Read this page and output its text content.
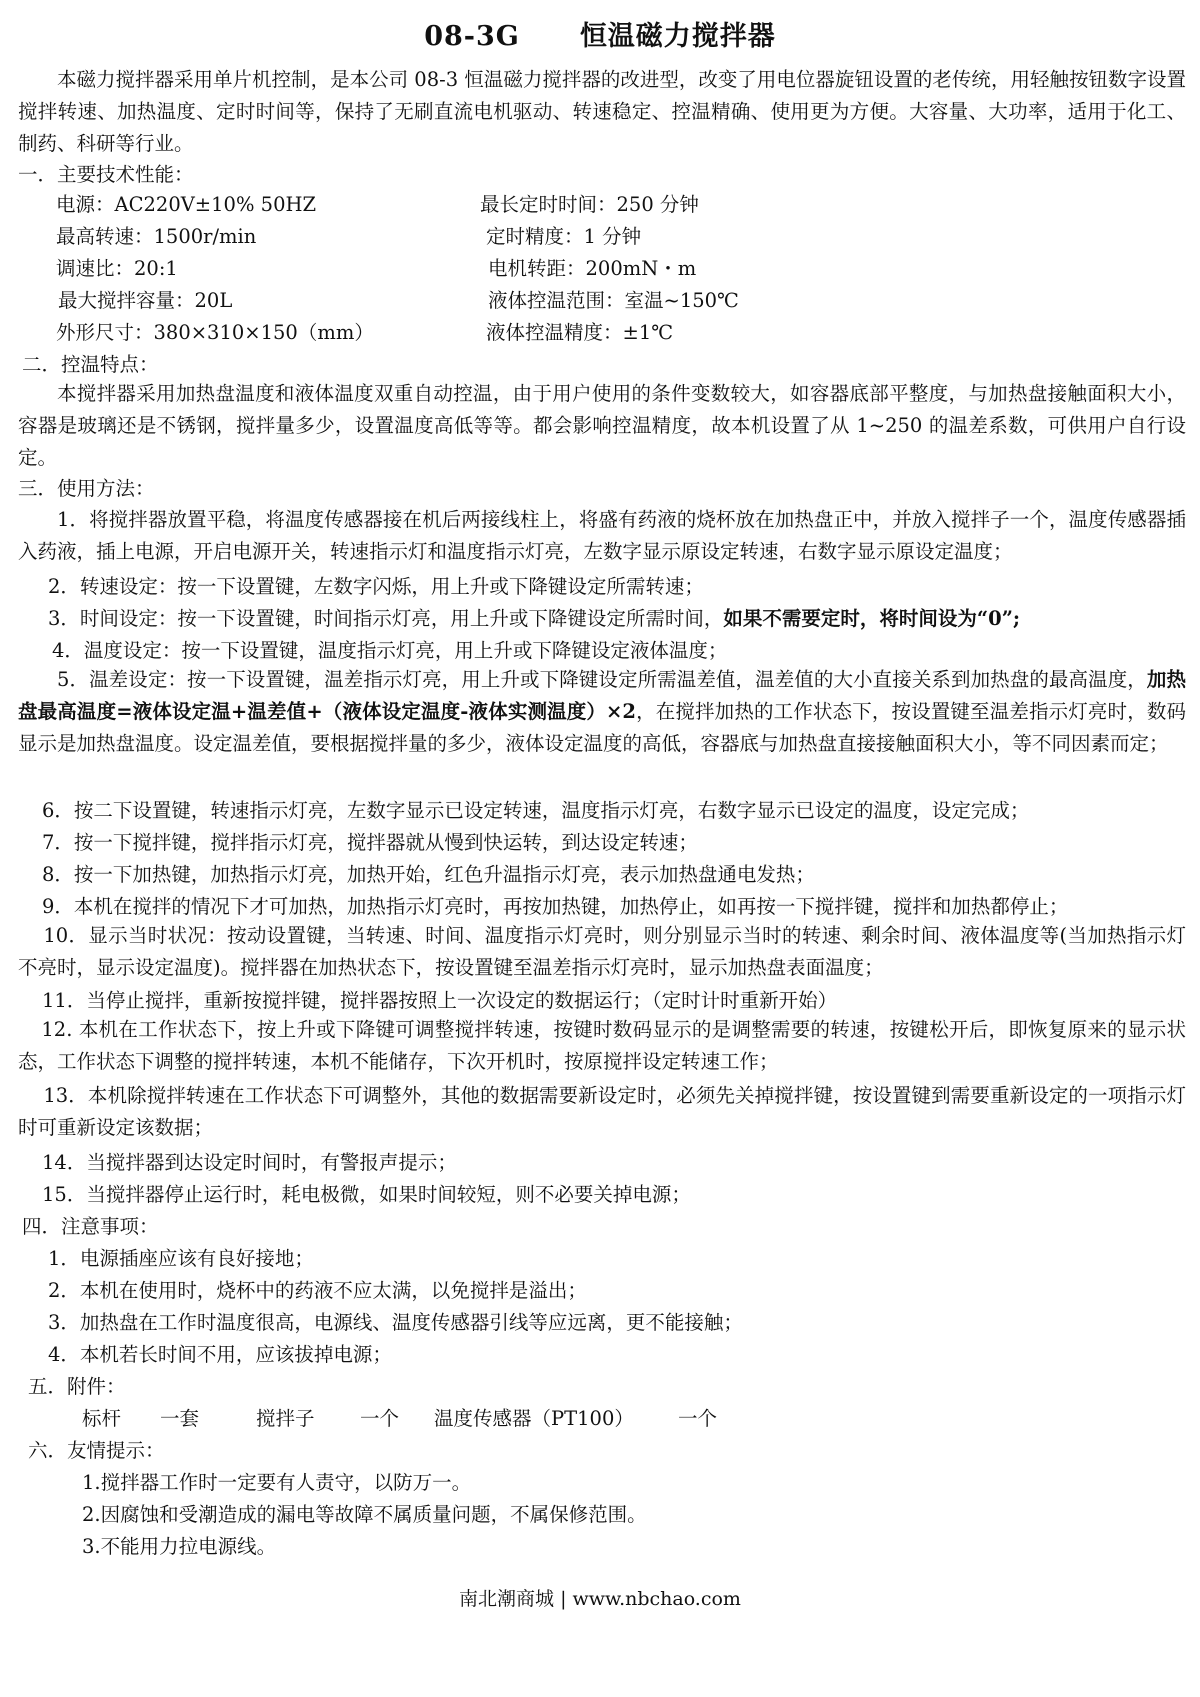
08-3G 恒温磁力搅拌器
本磁力搅拌器采用单片机控制，是本公司 08-3 恒温磁力搅拌器的改进型，改变了用电位器旋钮设置的老传统，用轻触按钮数字设置搅拌转速、加热温度、定时时间等，保持了无刷直流电机驱动、转速稳定、控温精确、使用更为方便。大容量、大功率，适用于化工、制药、科研等行业。
一．主要技术性能：
电源：AC220V±10% 50HZ	最长定时时间：250 分钟
最高转速：1500r/min	定时精度：1 分钟
调速比：20:1	电机转距：200mN・m
最大搅拌容量：20L	液体控温范围：室温~150℃
外形尺寸：380×310×150（mm）	液体控温精度：±1℃
二．控温特点：
本搅拌器采用加热盘温度和液体温度双重自动控温，由于用户使用的条件变数较大，如容器底部平整度，与加热盘接触面积大小，容器是玻璃还是不锈钢，搅拌量多少，设置温度高低等等。都会影响控温精度，故本机设置了从 1~250 的温差系数，可供用户自行设定。
三．使用方法：
1．将搅拌器放置平稳，将温度传感器接在机后两接线柱上，将盛有药液的烧杯放在加热盘正中，并放入搅拌子一个，温度传感器插入药液，插上电源，开启电源开关，转速指示灯和温度指示灯亮，左数字显示原设定转速，右数字显示原设定温度；
2．转速设定：按一下设置键，左数字闪烁，用上升或下降键设定所需转速；
3．时间设定：按一下设置键，时间指示灯亮，用上升或下降键设定所需时间，如果不需要定时，将时间设为“0”;
4．温度设定：按一下设置键，温度指示灯亮，用上升或下降键设定液体温度；
5．温差设定：按一下设置键，温差指示灯亮，用上升或下降键设定所需温差值，温差值的大小直接关系到加热盘的最高温度，加热盘最高温度=液体设定温+温差值+（液体设定温度-液体实测温度）×2，在搅拌加热的工作状态下，按设置键至温差指示灯亮时，数码显示是加热盘温度。设定温差值，要根据搅拌量的多少，液体设定温度的高低，容器底与加热盘直接接触面积大小，等不同因素而定；
6．按二下设置键，转速指示灯亮，左数字显示已设定转速，温度指示灯亮，右数字显示已设定的温度，设定完成；
7．按一下搅拌键，搅拌指示灯亮，搅拌器就从慢到快运转，到达设定转速；
8．按一下加热键，加热指示灯亮，加热开始，红色升温指示灯亮，表示加热盘通电发热；
9．本机在搅拌的情况下才可加热，加热指示灯亮时，再按加热键，加热停止，如再按一下搅拌键，搅拌和加热都停止；
10．显示当时状况：按动设置键，当转速、时间、温度指示灯亮时，则分别显示当时的转速、剩余时间、液体温度等(当加热指示灯不亮时，显示设定温度)。搅拌器在加热状态下，按设置键至温差指示灯亮时，显示加热盘表面温度；
11．当停止搅拌，重新按搅拌键，搅拌器按照上一次设定的数据运行；（定时计时重新开始）
12. 本机在工作状态下，按上升或下降键可调整搅拌转速，按键时数码显示的是调整需要的转速，按键松开后，即恢复原来的显示状态，工作状态下调整的搅拌转速，本机不能储存，下次开机时，按原搅拌设定转速工作；
13．本机除搅拌转速在工作状态下可调整外，其他的数据需要新设定时，必须先关掉搅拌键，按设置键到需要重新设定的一项指示灯时可重新设定该数据；
14．当搅拌器到达设定时间时，有警报声提示；
15．当搅拌器停止运行时，耗电极微，如果时间较短，则不必要关掉电源；
四．注意事项：
1．电源插座应该有良好接地；
2．本机在使用时，烧杯中的药液不应太满，以免搅拌是溢出；
3．加热盘在工作时温度很高，电源线、温度传感器引线等应远离，更不能接触；
4．本机若长时间不用，应该拔掉电源；
五．附件：
标杆 一套	搅拌子 一个 温度传感器（PT100） 一个
六．友情提示：
1.搅拌器工作时一定要有人责守，以防万一。
2.因腐蚀和受潮造成的漏电等故障不属质量问题，不属保修范围。
3.不能用力拉电源线。
南北潮商城 | www.nbchao.com
